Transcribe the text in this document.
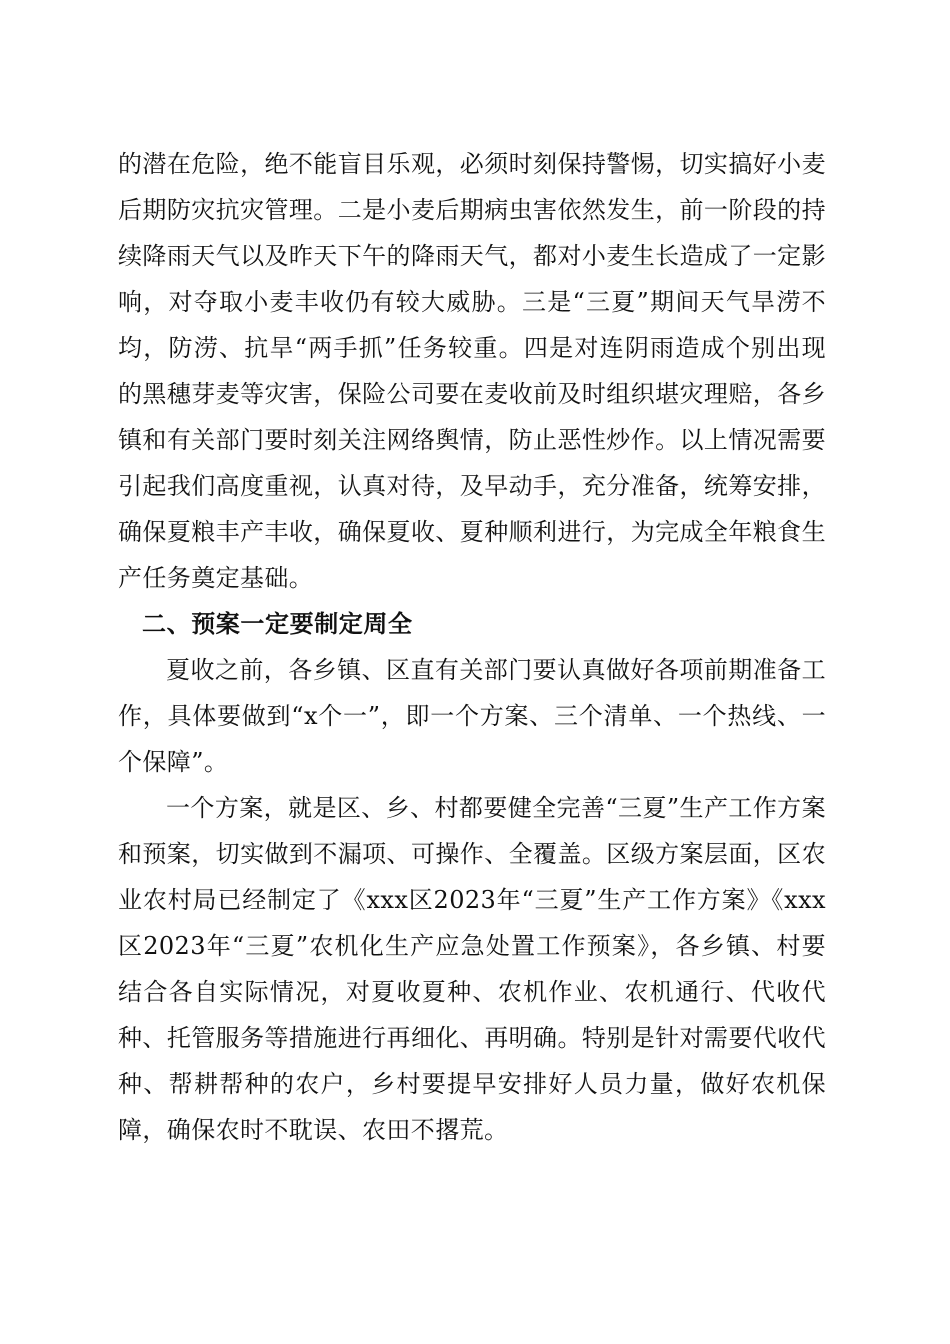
的潜在危险，绝不能盲目乐观，必须时刻保持警惕，切实搞好小麦后期防灾抗灾管理。二是小麦后期病虫害依然发生，前一阶段的持续降雨天气以及昨天下午的降雨天气，都对小麦生长造成了一定影响，对夺取小麦丰收仍有较大威胁。三是“三夏”期间天气旱涝不均，防涝、抗旱“两手抓”任务较重。四是对连阴雨造成个别出现的黑穗芽麦等灾害，保险公司要在麦收前及时组织堪灾理赔，各乡镇和有关部门要时刻关注网络舆情，防止恶性炒作。以上情况需要引起我们高度重视，认真对待，及早动手，充分准备，统筹安排，确保夏粮丰产丰收，确保夏收、夏种顺利进行，为完成全年粮食生产任务奠定基础。

二、预案一定要制定周全

夏收之前，各乡镇、区直有关部门要认真做好各项前期准备工作，具体要做到“x个一”，即一个方案、三个清单、一个热线、一个保障”。

一个方案，就是区、乡、村都要健全完善“三夏”生产工作方案和预案，切实做到不漏项、可操作、全覆盖。区级方案层面，区农业农村局已经制定了《xxx区2023年“三夏”生产工作方案》《xxx区2023年“三夏”农机化生产应急处置工作预案》，各乡镇、村要结合各自实际情况，对夏收夏种、农机作业、农机通行、代收代种、托管服务等措施进行再细化、再明确。特别是针对需要代收代种、帮耕帮种的农户，乡村要提早安排好人员力量，做好农机保障，确保农时不耽误、农田不撂荒。
